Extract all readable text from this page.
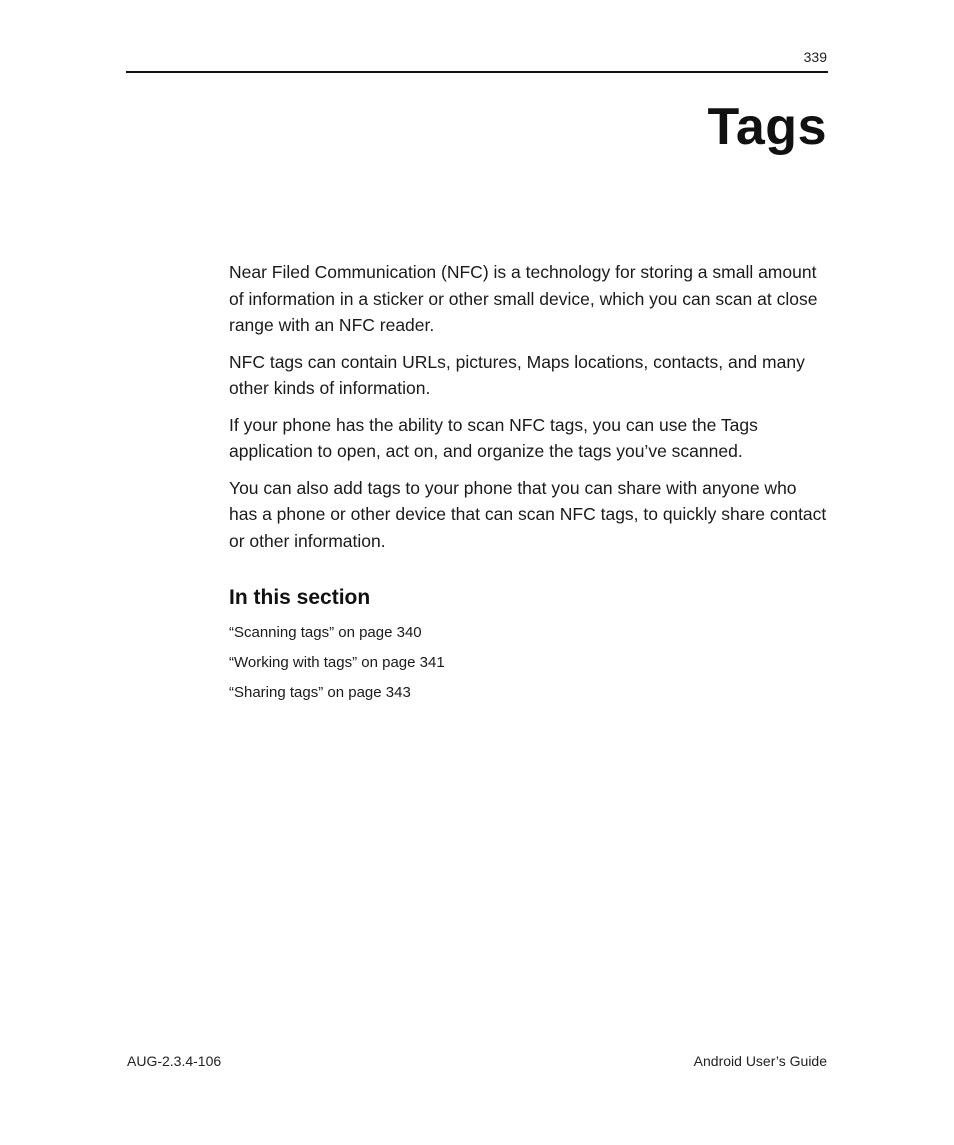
339
Tags

Near Filed Communication (NFC) is a technology for storing a small amount of information in a sticker or other small device, which you can scan at close range with an NFC reader.

NFC tags can contain URLs, pictures, Maps locations, contacts, and many other kinds of information.

If your phone has the ability to scan NFC tags, you can use the Tags application to open, act on, and organize the tags you’ve scanned.

You can also add tags to your phone that you can share with anyone who has a phone or other device that can scan NFC tags, to quickly share contact or other information.

In this section
“Scanning tags” on page 340
“Working with tags” on page 341
“Sharing tags” on page 343
AUG-2.3.4-106	Android User’s Guide
